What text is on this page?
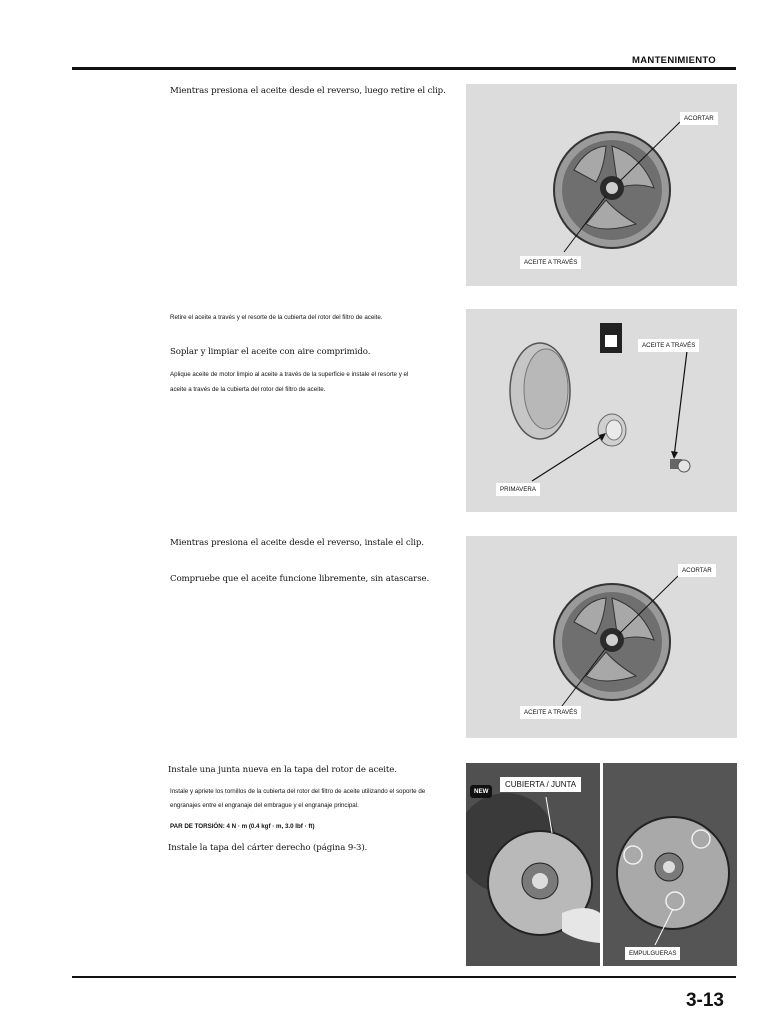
MANTENIMIENTO
Mientras presiona el aceite desde el reverso, luego retire el clip.
Retire el aceite a través y el resorte de la cubierta del rotor del filtro de aceite.
Soplar y limpiar el aceite con aire comprimido.
Aplique aceite de motor limpio al aceite a través de la superficie e instale el resorte y el
aceite a través de la cubierta del rotor del filtro de aceite.
Mientras presiona el aceite desde el reverso, instale el clip.
Compruebe que el aceite funcione libremente, sin atascarse.
Instale una junta nueva en la tapa del rotor de aceite.
Instale y apriete los tornillos de la cubierta del rotor del filtro de aceite utilizando el soporte de
engranajes entre el engranaje del embrague y el engranaje principal.
PAR DE TORSIÓN: 4 N · m (0.4 kgf · m, 3.0 lbf · ft)
Instale la tapa del cárter derecho (página 9-3).
ACORTAR
ACEITE A TRAVÉS
ACEITE A TRAVÉS
PRIMAVERA
ACORTAR
ACEITE A TRAVÉS
NEW
CUBIERTA / JUNTA
EMPULGUERAS
3-13
